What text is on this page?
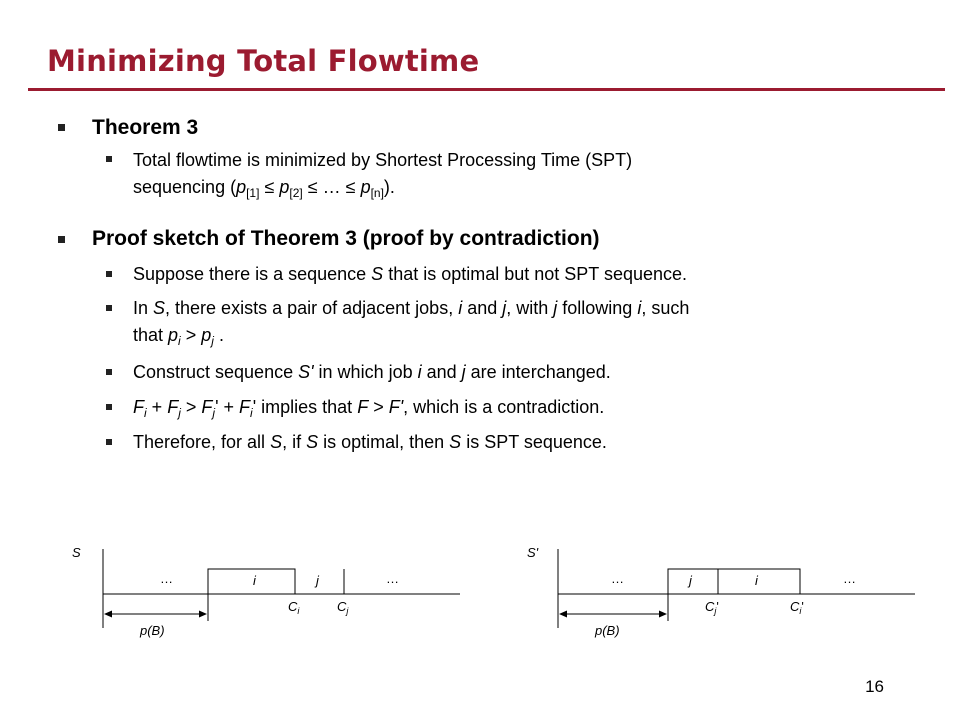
Minimizing Total Flowtime
Theorem 3
Total flowtime is minimized by Shortest Processing Time (SPT)
sequencing ($p_{[1]} \le p_{[2]}$ ≤ … ≤ $p_{[n]}$).
Proof sketch of Theorem 3 (proof by contradiction)
Suppose there is a sequence S that is optimal but not SPT sequence.
In S, there exists a pair of adjacent jobs, i and j, with j following i, such
that $p_i > p_j$ .
Construct sequence S' in which job i and j are interchanged.
$F_i + F_j > F_j' + F_i'$ implies that F > F', which is a contradiction.
Therefore, for all S, if S is optimal, then S is SPT sequence.
S
…	i	j	…
$C_i$	$C_j$
p(B)
S'
…	j	i	…
$C_j'$	$C_i'$
p(B)
16
